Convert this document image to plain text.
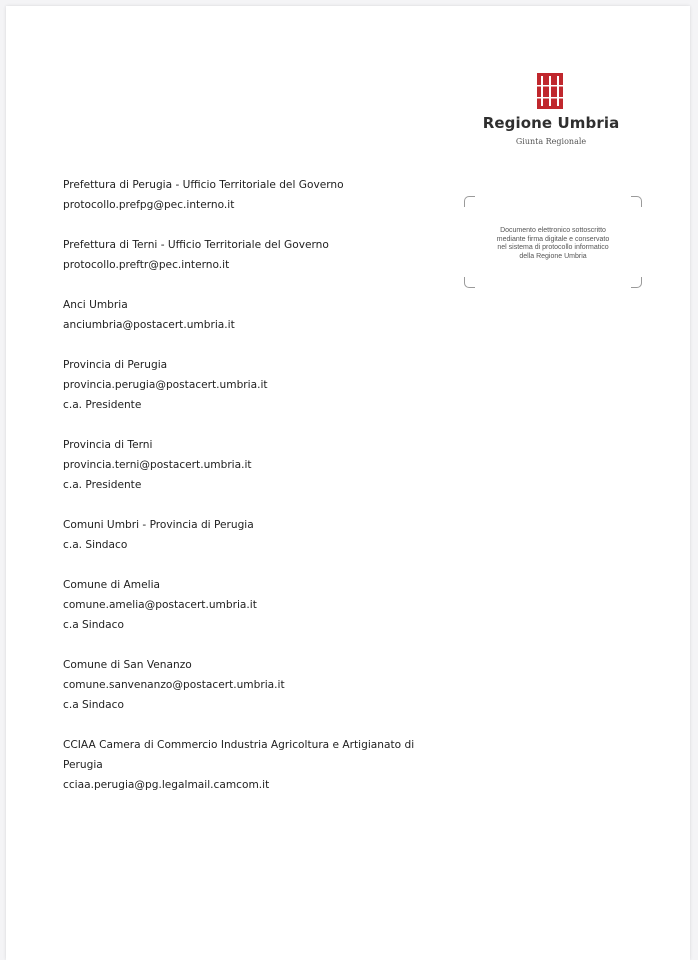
Regione Umbria
Giunta Regionale
Documento elettronico sottoscritto
mediante firma digitale e conservato
nel sistema di protocollo informatico
della Regione Umbria
Prefettura di Perugia - Ufficio Territoriale del Governo
protocollo.prefpg@pec.interno.it
Prefettura di Terni - Ufficio Territoriale del Governo
protocollo.preftr@pec.interno.it
Anci Umbria
anciumbria@postacert.umbria.it
Provincia di Perugia
provincia.perugia@postacert.umbria.it
c.a. Presidente
Provincia di Terni
provincia.terni@postacert.umbria.it
c.a. Presidente
Comuni Umbri - Provincia di Perugia
c.a. Sindaco
Comune di Amelia
comune.amelia@postacert.umbria.it
c.a Sindaco
Comune di San Venanzo
comune.sanvenanzo@postacert.umbria.it
c.a Sindaco
CCIAA Camera di Commercio Industria Agricoltura e Artigianato di
Perugia
cciaa.perugia@pg.legalmail.camcom.it
